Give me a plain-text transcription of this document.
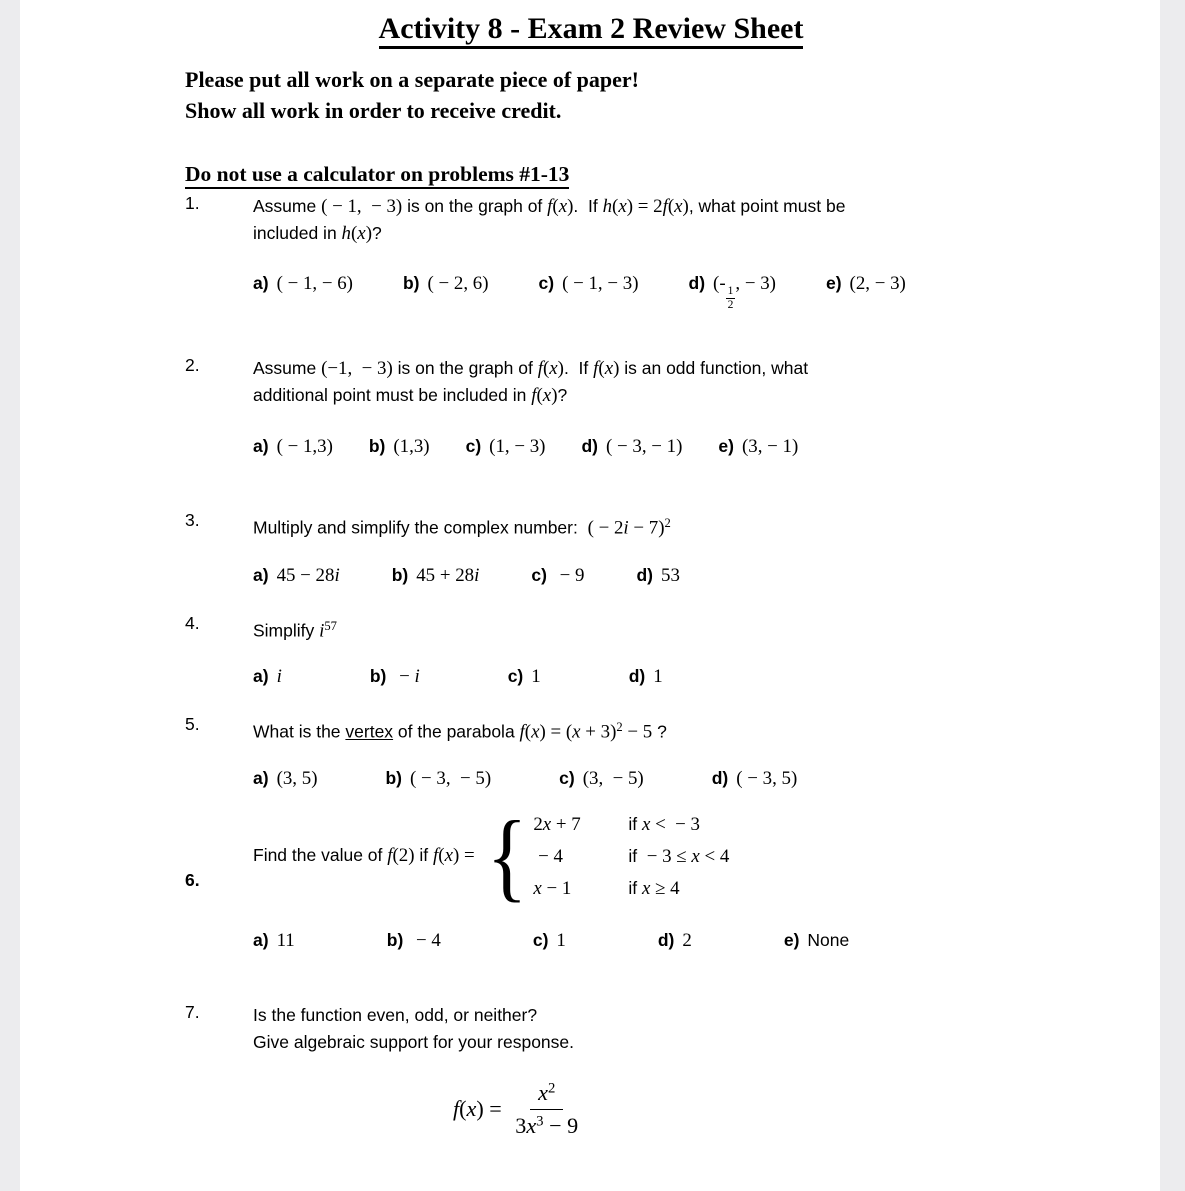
Activity 8 - Exam 2 Review Sheet
Please put all work on a separate piece of paper!
Show all work in order to receive credit.
Do not use a calculator on problems #1-13
1.	Assume ( − 1,  − 3) is on the graph of f(x).  If h(x) = 2f(x), what point must be
included in h(x)?
a) ( − 1, − 6)	b) ( − 2, 6)	c) ( − 1, − 3)	d) (-
$\frac{1}{2}$
, − 3)	e) (2, − 3)
2.	Assume (−1,  − 3) is on the graph of f(x).  If f(x) is an odd function, what
additional point must be included in f(x)?
a) ( − 1,3) b) (1,3) c) (1, − 3) d) ( − 3, − 1) e) (3, − 1)
3.	Multiply and simplify the complex number:  ( − 2i − 7)$^2$
a) 45 − 28i	b) 45 + 28i	c) − 9	d) 53
4.	Simplify $i^{57}$
a) i	b) − i	c) 1	d) 1
5.	What is the vertex of the parabola $f(x) = (x + 3)^2 - 5$ ?
a) (3, 5)	b) ( − 3,  − 5)	c) (3,  − 5)	d) ( − 3, 5)
6.
Find the value of f(2) if f(x) = { 2x + 7	if x <  − 3
− 4	if  − 3 ≤ x < 4
x − 1	if x ≥ 4
a) 11	b) − 4	c) 1	d) 2	e) None
7.	Is the function even, odd, or neither?
Give algebraic support for your response.
$f(x) = \frac{x^2}{3x^3 - 9}$
